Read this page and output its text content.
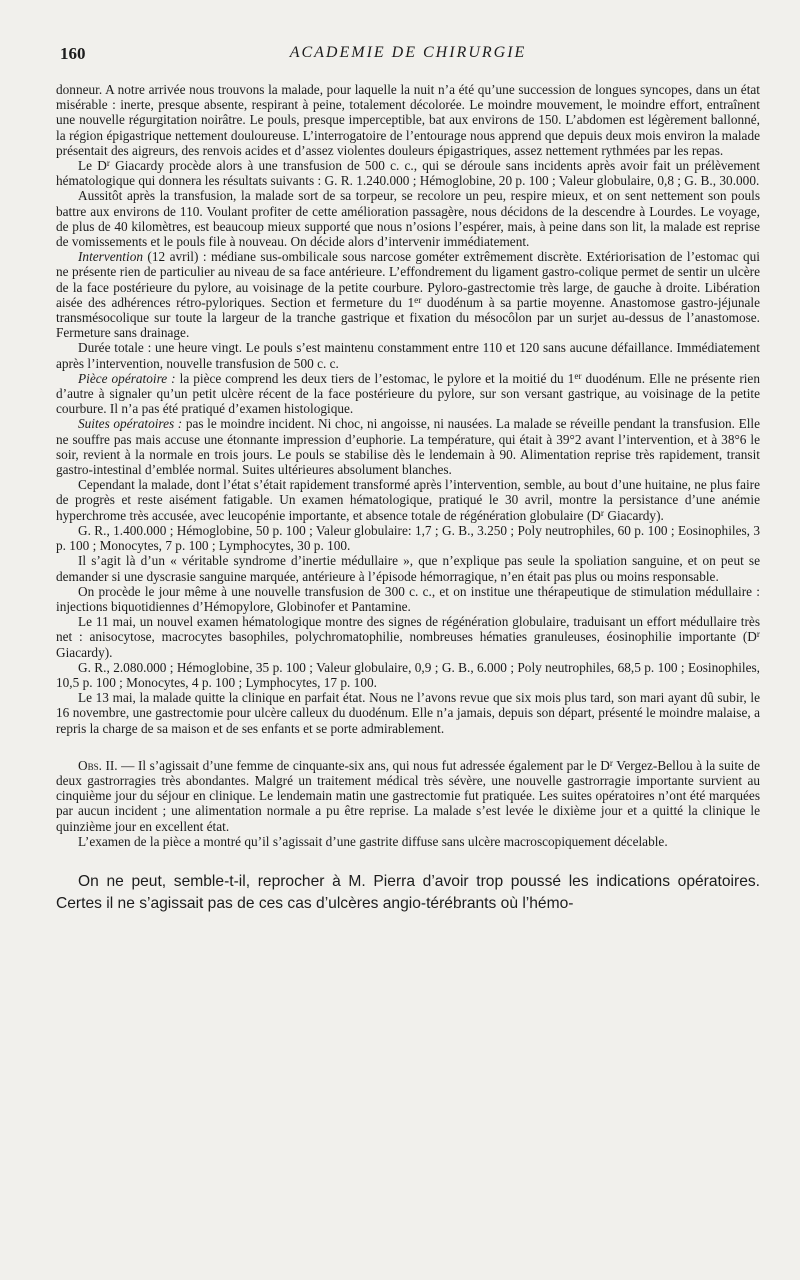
160	ACADEMIE DE CHIRURGIE

donneur. A notre arrivée nous trouvons la malade, pour laquelle la nuit n’a été qu’une succession de longues syncopes, dans un état misérable : inerte, presque absente, respirant à peine, totalement décolorée. Le moindre mouvement, le moindre effort, entraînent une nouvelle régurgitation noirâtre. Le pouls, presque imperceptible, bat aux environs de 150. L’abdomen est légèrement ballonné, la région épigastrique nettement douloureuse. L’interrogatoire de l’entourage nous apprend que depuis deux mois environ la malade présentait des aigreurs, des renvois acides et d’assez violentes douleurs épigastriques, assez nettement rythmées par les repas.

Le $D^r$ Giacardy procède alors à une transfusion de 500 c. c., qui se déroule sans incidents après avoir fait un prélèvement hématologique qui donnera les résultats suivants : G. R. 1.240.000 ; Hémoglobine, 20 p. 100 ; Valeur globulaire, 0,8 ; G. B., 30.000.

Aussitôt après la transfusion, la malade sort de sa torpeur, se recolore un peu, respire mieux, et on sent nettement son pouls battre aux environs de 110. Voulant profiter de cette amélioration passagère, nous décidons de la descendre à Lourdes. Le voyage, de plus de 40 kilomètres, est beaucoup mieux supporté que nous n’osions l’espérer, mais, à peine dans son lit, la malade est reprise de vomissements et le pouls file à nouveau. On décide alors d’intervenir immédiatement.

Intervention (12 avril) : médiane sus-ombilicale sous narcose gométer extrêmement discrète. Extériorisation de l’estomac qui ne présente rien de particulier au niveau de sa face antérieure. L’effondrement du ligament gastro-colique permet de sentir un ulcère de la face postérieure du pylore, au voisinage de la petite courbure. Pyloro-gastrectomie très large, de gauche à droite. Libération aisée des adhérences rétro-pyloriques. Section et fermeture du 1er duodénum à sa partie moyenne. Anastomose gastro-jéjunale transmésocolique sur toute la largeur de la tranche gastrique et fixation du mésocôlon par un surjet au-dessus de l’anastomose. Fermeture sans drainage.

Durée totale : une heure vingt. Le pouls s’est maintenu constamment entre 110 et 120 sans aucune défaillance. Immédiatement après l’intervention, nouvelle transfusion de 500 c. c.

Pièce opératoire : la pièce comprend les deux tiers de l’estomac, le pylore et la moitié du 1er duodénum. Elle ne présente rien d’autre à signaler qu’un petit ulcère récent de la face postérieure du pylore, sur son versant gastrique, au voisinage de la petite courbure. Il n’a pas été pratiqué d’examen histologique.

Suites opératoires : pas le moindre incident. Ni choc, ni angoisse, ni nausées. La malade se réveille pendant la transfusion. Elle ne souffre pas mais accuse une étonnante impression d’euphorie. La température, qui était à 39°2 avant l’intervention, et à 38°6 le soir, revient à la normale en trois jours. Le pouls se stabilise dès le lendemain à 90. Alimentation reprise très rapidement, transit gastro-intestinal d’emblée normal. Suites ultérieures absolument blanches.

Cependant la malade, dont l’état s’était rapidement transformé après l’intervention, semble, au bout d’une huitaine, ne plus faire de progrès et reste aisément fatigable. Un examen hématologique, pratiqué le 30 avril, montre la persistance d’une anémie hyperchrome très accusée, avec leucopénie importante, et absence totale de régénération globulaire ($D^r$ Giacardy).

G. R., 1.400.000 ; Hémoglobine, 50 p. 100 ; Valeur globulaire: 1,7 ; G. B., 3.250 ; Poly neutrophiles, 60 p. 100 ; Eosinophiles, 3 p. 100 ; Monocytes, 7 p. 100 ; Lymphocytes, 30 p. 100.

Il s’agit là d’un « véritable syndrome d’inertie médullaire », que n’explique pas seule la spoliation sanguine, et on peut se demander si une dyscrasie sanguine marquée, antérieure à l’épisode hémorragique, n’en était pas plus ou moins responsable.

On procède le jour même à une nouvelle transfusion de 300 c. c., et on institue une thérapeutique de stimulation médullaire : injections biquotidiennes d’Hémopylore, Globinofer et Pantamine.

Le 11 mai, un nouvel examen hématologique montre des signes de régénération globulaire, traduisant un effort médullaire très net : anisocytose, macrocytes basophiles, polychromatophilie, nombreuses hématies granuleuses, éosinophilie importante ($D^r$ Giacardy).

G. R., 2.080.000 ; Hémoglobine, 35 p. 100 ; Valeur globulaire, 0,9 ; G. B., 6.000 ; Poly neutrophiles, 68,5 p. 100 ; Eosinophiles, 10,5 p. 100 ; Monocytes, 4 p. 100 ; Lymphocytes, 17 p. 100.

Le 13 mai, la malade quitte la clinique en parfait état. Nous ne l’avons revue que six mois plus tard, son mari ayant dû subir, le 16 novembre, une gastrectomie pour ulcère calleux du duodénum. Elle n’a jamais, depuis son départ, présenté le moindre malaise, a repris la charge de sa maison et de ses enfants et se porte admirablement.

Obs. II. — Il s’agissait d’une femme de cinquante-six ans, qui nous fut adressée également par le $D^r$ Vergez-Bellou à la suite de deux gastrorragies très abondantes. Malgré un traitement médical très sévère, une nouvelle gastrorragie importante survient au cinquième jour du séjour en clinique. Le lendemain matin une gastrectomie fut pratiquée. Les suites opératoires n’ont été marquées par aucun incident ; une alimentation normale a pu être reprise. La malade s’est levée le dixième jour et a quitté la clinique le quinzième jour en excellent état.

L’examen de la pièce a montré qu’il s’agissait d’une gastrite diffuse sans ulcère macroscopiquement décelable.

On ne peut, semble-t-il, reprocher à M. Pierra d’avoir trop poussé les indications opératoires. Certes il ne s’agissait pas de ces cas d’ulcères angio-térébrants où l’hémo-
